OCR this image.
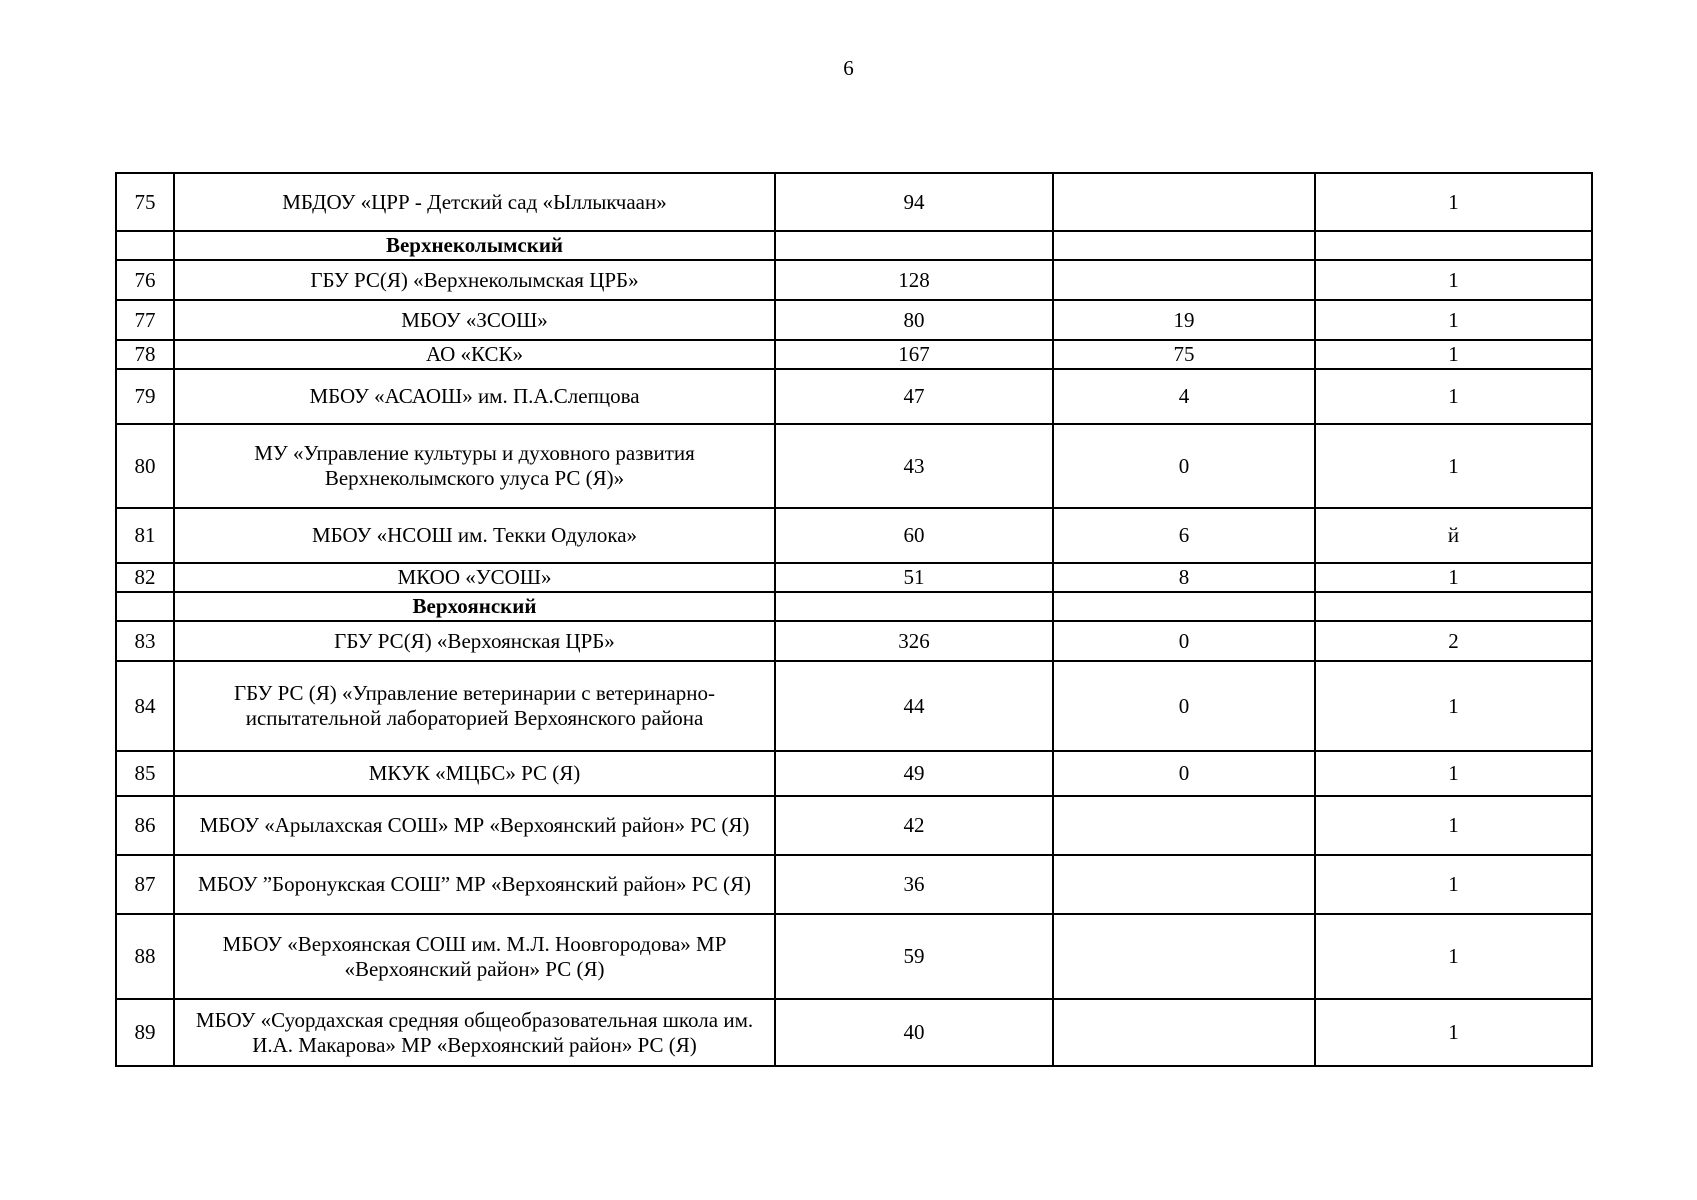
6
75	МБДОУ «ЦРР - Детский сад «Ыллыкчаан»	94		1
	Верхнеколымский			
76	ГБУ РС(Я) «Верхнеколымская ЦРБ»	128		1
77	МБОУ «ЗСОШ»	80	19	1
78	АО «КСК»	167	75	1
79	МБОУ «АСАОШ» им. П.А.Слепцова	47	4	1
80	МУ «Управление культуры и духовного развития Верхнеколымского улуса РС (Я)»	43	0	1
81	МБОУ «НСОШ им. Текки Одулока»	60	6	й
82	МКОО «УСОШ»	51	8	1
	Верхоянский			
83	ГБУ РС(Я) «Верхоянская ЦРБ»	326	0	2
84	ГБУ РС (Я) «Управление ветеринарии с ветеринарно-испытательной лабораторией Верхоянского района	44	0	1
85	МКУК «МЦБС» РС (Я)	49	0	1
86	МБОУ «Арылахская СОШ» МР «Верхоянский район» РС (Я)	42		1
87	МБОУ ”Боронукская СОШ” МР «Верхоянский район» РС (Я)	36		1
88	МБОУ «Верхоянская СОШ им. М.Л. Ноовгородова» МР «Верхоянский район» РС (Я)	59		1
89	МБОУ «Суордахская средняя общеобразовательная школа им. И.А. Макарова» МР «Верхоянский район» РС (Я)	40		1
